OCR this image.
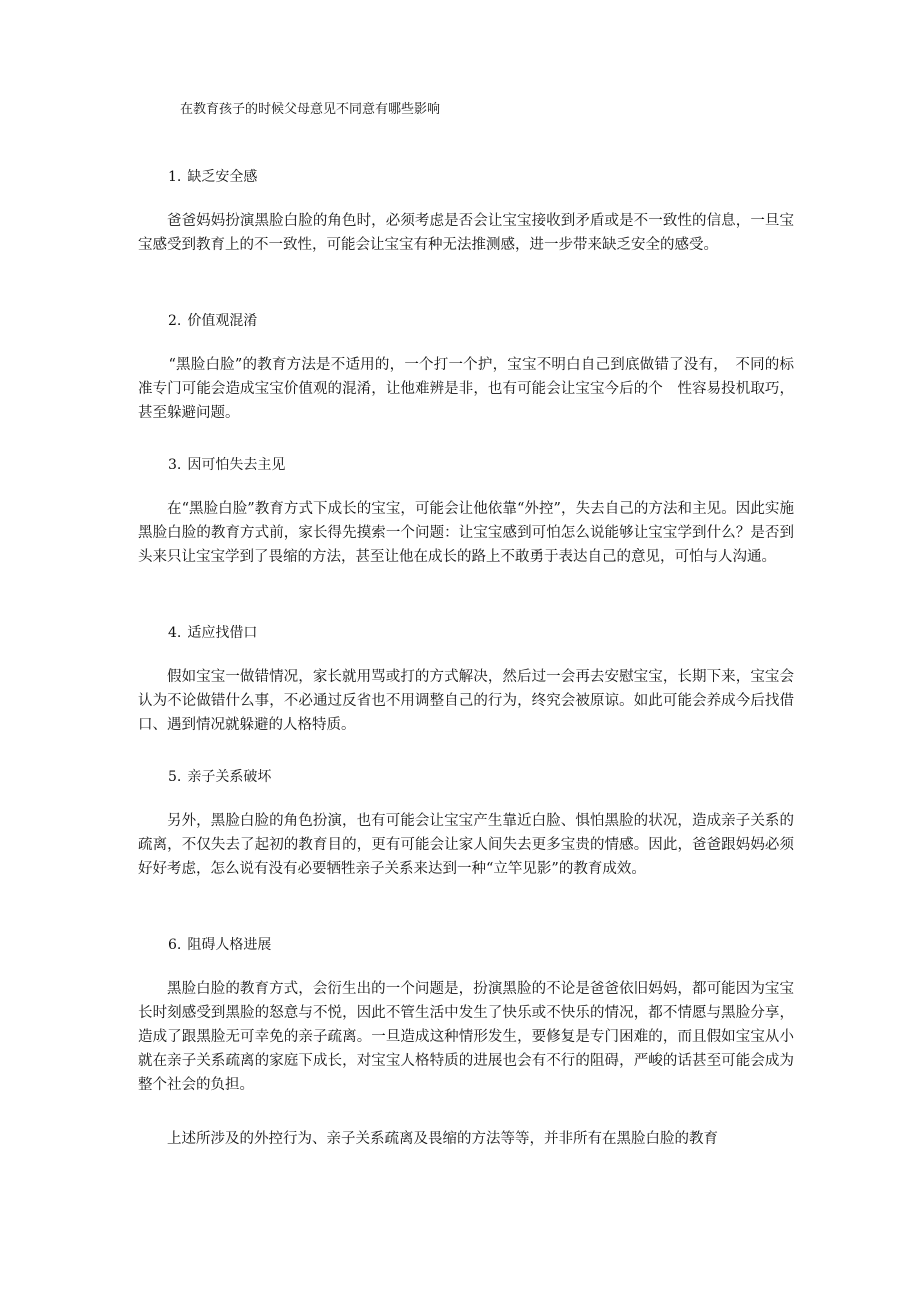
在教育孩子的时候父母意见不同意有哪些影响
1. 缺乏安全感

爸爸妈妈扮演黑脸白脸的角色时，必须考虑是否会让宝宝接收到矛盾或是不一致性的信息，一旦宝宝感受到教育上的不一致性，可能会让宝宝有种无法推测感，进一步带来缺乏安全的感受。

2. 价值观混淆

“黑脸白脸”的教育方法是不适用的，一个打一个护，宝宝不明白自己到底做错了没有，　不同的标准专门可能会造成宝宝价值观的混淆，让他难辨是非，也有可能会让宝宝今后的个　性容易投机取巧，甚至躲避问题。

3. 因可怕失去主见

在“黑脸白脸”教育方式下成长的宝宝，可能会让他依靠“外控”，失去自己的方法和主见。因此实施黑脸白脸的教育方式前，家长得先摸索一个问题：让宝宝感到可怕怎么说能够让宝宝学到什么？是否到头来只让宝宝学到了畏缩的方法，甚至让他在成长的路上不敢勇于表达自己的意见，可怕与人沟通。

4. 适应找借口

假如宝宝一做错情况，家长就用骂或打的方式解决，然后过一会再去安慰宝宝，长期下来，宝宝会认为不论做错什么事，不必通过反省也不用调整自己的行为，终究会被原谅。如此可能会养成今后找借口、遇到情况就躲避的人格特质。

5. 亲子关系破坏

另外，黑脸白脸的角色扮演，也有可能会让宝宝产生靠近白脸、惧怕黑脸的状况，造成亲子关系的疏离，不仅失去了起初的教育目的，更有可能会让家人间失去更多宝贵的情感。因此，爸爸跟妈妈必须好好考虑，怎么说有没有必要牺牲亲子关系来达到一种“立竿见影”的教育成效。

6. 阻碍人格进展

黑脸白脸的教育方式，会衍生出的一个问题是，扮演黑脸的不论是爸爸依旧妈妈，都可能因为宝宝长时刻感受到黑脸的怒意与不悦，因此不管生活中发生了快乐或不快乐的情况，都不情愿与黑脸分享，造成了跟黑脸无可幸免的亲子疏离。一旦造成这种情形发生，要修复是专门困难的，而且假如宝宝从小就在亲子关系疏离的家庭下成长，对宝宝人格特质的进展也会有不行的阻碍，严峻的话甚至可能会成为整个社会的负担。

上述所涉及的外控行为、亲子关系疏离及畏缩的方法等等，并非所有在黑脸白脸的教育
